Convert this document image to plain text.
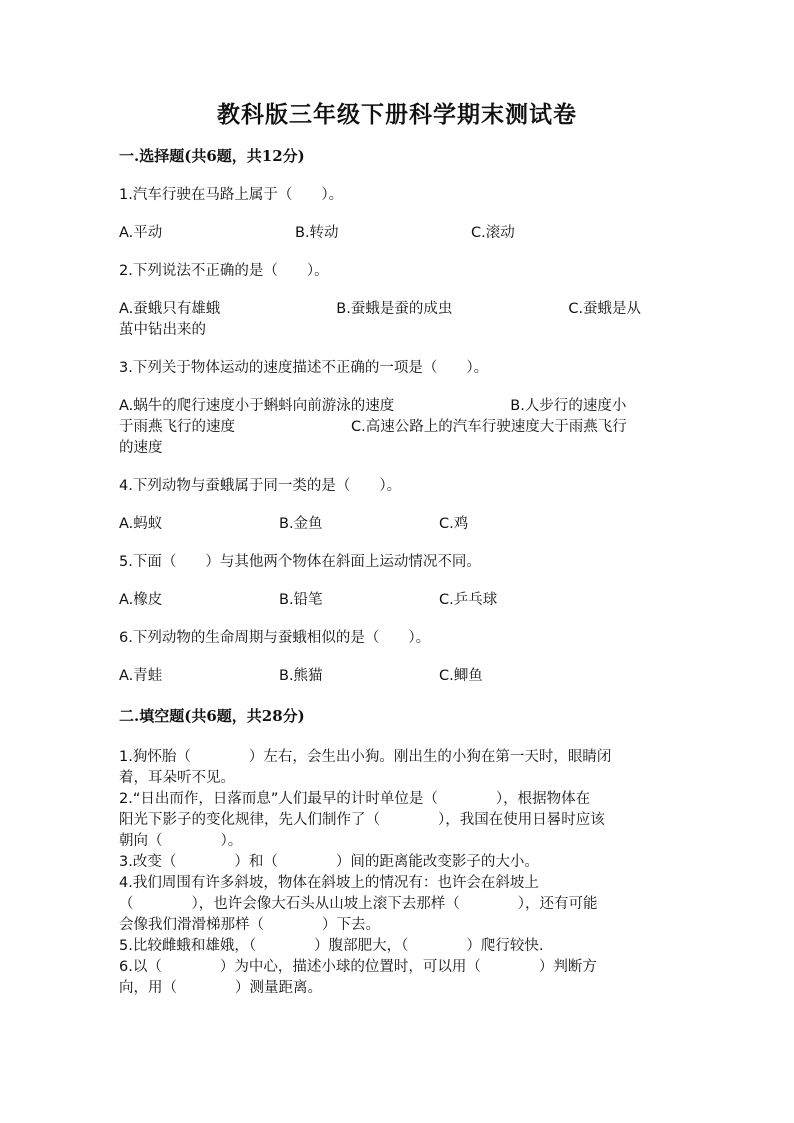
教科版三年级下册科学期末测试卷
一.选择题(共6题，共12分)
1.汽车行驶在马路上属于（　　）。
A.平动	B.转动	C.滚动
2.下列说法不正确的是（　　）。
A.蚕蛾只有雄蛾　　　　　　　　B.蚕蛾是蚕的成虫　　　　　　　　C.蚕蛾是从
茧中钻出来的
3.下列关于物体运动的速度描述不正确的一项是（　　）。
A.蜗牛的爬行速度小于蝌蚪向前游泳的速度　　　　　　　　B.人步行的速度小
于雨燕飞行的速度　　　　　　　　C.高速公路上的汽车行驶速度大于雨燕飞行
的速度
4.下列动物与蚕蛾属于同一类的是（　　）。
A.蚂蚁	B.金鱼	C.鸡
5.下面（　　）与其他两个物体在斜面上运动情况不同。
A.橡皮	B.铅笔	C.乒乓球
6.下列动物的生命周期与蚕蛾相似的是（　　）。
A.青蛙	B.熊猫	C.鲫鱼
二.填空题(共6题，共28分)
1.狗怀胎（　　　　）左右，会生出小狗。刚出生的小狗在第一天时，眼睛闭
着，耳朵听不见。
2.“日出而作，日落而息”人们最早的计时单位是（　　　　），根据物体在
阳光下影子的变化规律，先人们制作了（　　　　），我国在使用日晷时应该
朝向（　　　　）。
3.改变（　　　　）和（　　　　）间的距离能改变影子的大小。
4.我们周围有许多斜坡，物体在斜坡上的情况有：也许会在斜坡上
（　　　　），也许会像大石头从山坡上滚下去那样（　　　　），还有可能
会像我们滑滑梯那样（　　　　）下去。
5.比较雌蛾和雄娥，（　　　　）腹部肥大，（　　　　）爬行较快.
6.以（　　　　）为中心，描述小球的位置时，可以用（　　　　）判断方
向，用（　　　　）测量距离。
